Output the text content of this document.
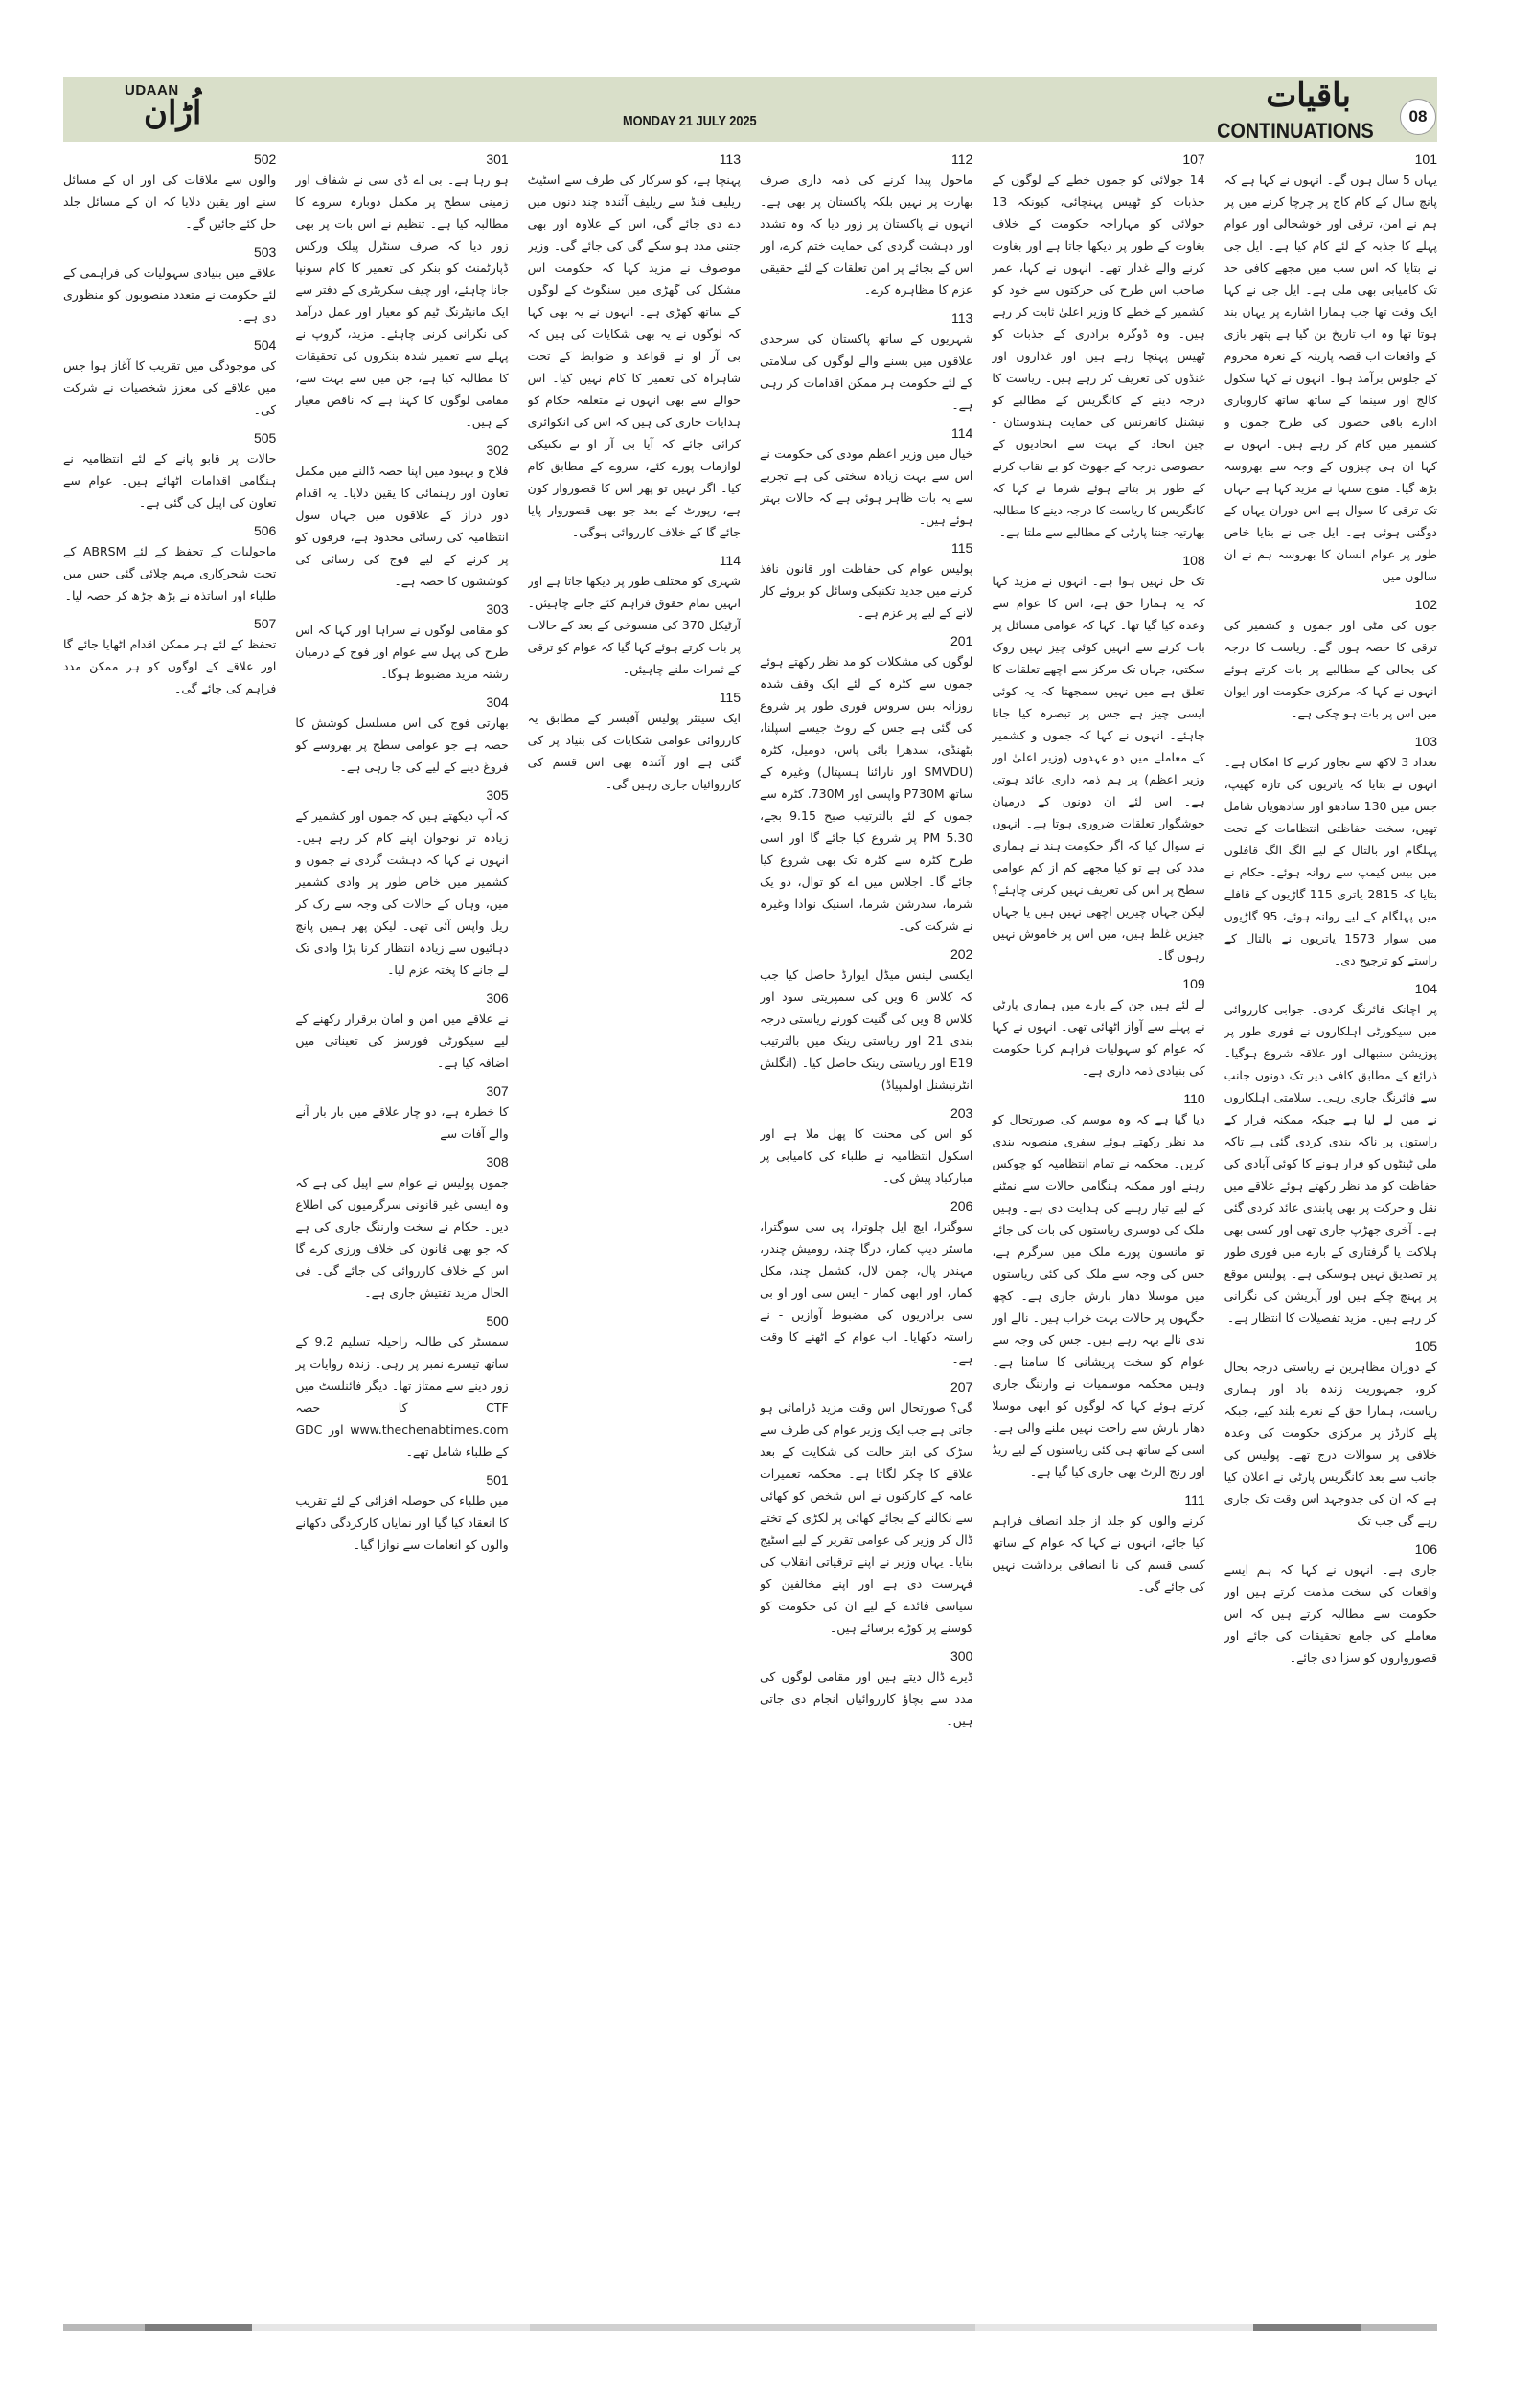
UDAAN
اُڑان	MONDAY 21 JULY 2025
باقیات
CONTINUATIONS
08
101
یہاں 5 سال ہوں گے۔ انہوں نے کہا ہے کہ پانچ سال کے کام کاج پر چرچا کرنے میں پر ہم نے امن، ترقی اور خوشحالی اور عوام پہلے کا جذبہ کے لئے کام کیا ہے۔ ایل جی نے بتایا کہ اس سب میں مجھے کافی حد تک کامیابی بھی ملی ہے۔ ایل جی نے کہا ایک وقت تھا جب ہمارا اشارے پر یہاں بند ہوتا تھا وہ اب تاریخ بن گیا ہے پتھر بازی کے واقعات اب قصہ پارینہ کے نعرہ محروم کے جلوس برآمد ہوا۔ انہوں نے کہا سکول کالج اور سینما کے ساتھ ساتھ کاروباری ادارے باقی حصوں کی طرح جموں و کشمیر میں کام کر رہے ہیں۔ انہوں نے کہا ان ہی چیزوں کے وجہ سے بھروسہ بڑھ گیا۔ منوج سنہا نے مزید کہا ہے جہاں تک ترقی کا سوال ہے اس دوران یہاں کے دوگنی ہوئی ہے۔ ایل جی نے بتایا خاص طور پر عوام انسان کا بھروسہ ہم نے ان سالوں میں
102
جوں کی مٹی اور جموں و کشمیر کی ترقی کا حصہ ہوں گے۔ ریاست کا درجہ کی بحالی کے مطالبے پر بات کرتے ہوئے انہوں نے کہا کہ مرکزی حکومت اور ایوان میں اس پر بات ہو چکی ہے۔
103
تعداد 3 لاکھ سے تجاوز کرنے کا امکان ہے۔ انہوں نے بتایا کہ یاتریوں کی تازہ کھیپ، جس میں 130 سادھو اور سادھویاں شامل تھیں، سخت حفاظتی انتظامات کے تحت پہلگام اور بالتال کے لیے الگ الگ قافلوں میں بیس کیمپ سے روانہ ہوئے۔ حکام نے بتایا کہ 2815 یاتری 115 گاڑیوں کے قافلے میں پہلگام کے لیے روانہ ہوئے، 95 گاڑیوں میں سوار 1573 یاتریوں نے بالتال کے راستے کو ترجیح دی۔
104
پر اچانک فائرنگ کردی۔ جوابی کارروائی میں سیکورٹی اہلکاروں نے فوری طور پر پوزیشن سنبھالی اور علاقہ شروع ہوگیا۔ ذرائع کے مطابق کافی دیر تک دونوں جانب سے فائرنگ جاری رہی۔ سلامتی اہلکاروں نے میں لے لیا ہے جبکہ ممکنہ فرار کے راستوں پر ناکہ بندی کردی گئی ہے تاکہ ملی ٹینٹوں کو فرار ہونے کا کوئی آبادی کی حفاظت کو مد نظر رکھتے ہوئے علاقے میں نقل و حرکت پر بھی پابندی عائد کردی گئی ہے۔ آخری جھڑپ جاری تھی اور کسی بھی ہلاکت یا گرفتاری کے بارے میں فوری طور پر تصدیق نہیں ہوسکی ہے۔ پولیس موقع پر پہنچ چکے ہیں اور آپریشن کی نگرانی کر رہے ہیں۔ مزید تفصیلات کا انتظار ہے۔
105
کے دوران مظاہرین نے ریاستی درجہ بحال کرو، جمہوریت زندہ باد اور ہماری ریاست، ہمارا حق کے نعرے بلند کیے، جبکہ پلے کارڈز پر مرکزی حکومت کی وعدہ خلافی پر سوالات درج تھے۔ پولیس کی جانب سے بعد کانگریس پارٹی نے اعلان کیا ہے کہ ان کی جدوجہد اس وقت تک جاری رہے گی جب تک
106
جاری ہے۔ انہوں نے کہا کہ ہم ایسے واقعات کی سخت مذمت کرتے ہیں اور حکومت سے مطالبہ کرتے ہیں کہ اس معاملے کی جامع تحقیقات کی جائے اور قصورواروں کو سزا دی جائے۔
107
14 جولائی کو جموں خطے کے لوگوں کے جذبات کو ٹھیس پہنچائی، کیونکہ 13 جولائی کو مہاراجہ حکومت کے خلاف بغاوت کے طور پر دیکھا جاتا ہے اور بغاوت کرنے والے غدار تھے۔ انہوں نے کہا، عمر صاحب اس طرح کی حرکتوں سے خود کو کشمیر کے خطے کا وزیر اعلیٰ ثابت کر رہے ہیں۔ وہ ڈوگرہ برادری کے جذبات کو ٹھیس پہنچا رہے ہیں اور غداروں اور غنڈوں کی تعریف کر رہے ہیں۔ ریاست کا درجہ دینے کے کانگریس کے مطالبے کو نیشنل کانفرنس کی حمایت ہندوستان - چین اتحاد کے بہت سے اتحادیوں کے خصوصی درجہ کے جھوٹ کو بے نقاب کرنے کے طور پر بتاتے ہوئے شرما نے کہا کہ کانگریس کا ریاست کا درجہ دینے کا مطالبہ بھارتیہ جنتا پارٹی کے مطالبے سے ملتا ہے۔
108
تک حل نہیں ہوا ہے۔ انہوں نے مزید کہا کہ یہ ہمارا حق ہے، اس کا عوام سے وعدہ کیا گیا تھا۔ کہا کہ عوامی مسائل پر بات کرنے سے انہیں کوئی چیز نہیں روک سکتی، جہاں تک مرکز سے اچھے تعلقات کا تعلق ہے میں نہیں سمجھتا کہ یہ کوئی ایسی چیز ہے جس پر تبصرہ کیا جانا چاہئے۔ انہوں نے کہا کہ جموں و کشمیر کے معاملے میں دو عہدوں (وزیر اعلیٰ اور وزیر اعظم) پر ہم ذمہ داری عائد ہوتی ہے۔ اس لئے ان دونوں کے درمیان خوشگوار تعلقات ضروری ہوتا ہے۔ انہوں نے سوال کیا کہ اگر حکومت ہند نے ہماری مدد کی ہے تو کیا مجھے کم از کم عوامی سطح پر اس کی تعریف نہیں کرنی چاہئے؟ لیکن جہاں چیزیں اچھی نہیں ہیں یا جہاں چیزیں غلط ہیں، میں اس پر خاموش نہیں رہوں گا۔
109
لے لئے ہیں جن کے بارے میں ہماری پارٹی نے پہلے سے آواز اٹھائی تھی۔ انہوں نے کہا کہ عوام کو سہولیات فراہم کرنا حکومت کی بنیادی ذمہ داری ہے۔
110
دیا گیا ہے کہ وہ موسم کی صورتحال کو مد نظر رکھتے ہوئے سفری منصوبہ بندی کریں۔ محکمہ نے تمام انتظامیہ کو چوکس رہنے اور ممکنہ ہنگامی حالات سے نمٹنے کے لیے تیار رہنے کی ہدایت دی ہے۔ وہیں ملک کی دوسری ریاستوں کی بات کی جائے تو مانسون پورے ملک میں سرگرم ہے، جس کی وجہ سے ملک کی کئی ریاستوں میں موسلا دھار بارش جاری ہے۔ کچھ جگہوں پر حالات بہت خراب ہیں۔ نالے اور ندی نالے بہہ رہے ہیں۔ جس کی وجہ سے عوام کو سخت پریشانی کا سامنا ہے۔ وہیں محکمہ موسمیات نے وارننگ جاری کرتے ہوئے کہا کہ لوگوں کو ابھی موسلا دھار بارش سے راحت نہیں ملنے والی ہے۔ اسی کے ساتھ ہی کئی ریاستوں کے لیے ریڈ اور رنج الرٹ بھی جاری کیا گیا ہے۔
111
کرنے والوں کو جلد از جلد انصاف فراہم کیا جائے، انہوں نے کہا کہ عوام کے ساتھ کسی قسم کی نا انصافی برداشت نہیں کی جائے گی۔
112
ماحول پیدا کرنے کی ذمہ داری صرف بھارت پر نہیں بلکہ پاکستان پر بھی ہے۔ انہوں نے پاکستان پر زور دیا کہ وہ تشدد اور دہشت گردی کی حمایت ختم کرے، اور اس کے بجائے پر امن تعلقات کے لئے حقیقی عزم کا مظاہرہ کرے۔
113
شہریوں کے ساتھ پاکستان کی سرحدی علاقوں میں بسنے والے لوگوں کی سلامتی کے لئے حکومت ہر ممکن اقدامات کر رہی ہے۔
114
خیال میں وزیر اعظم مودی کی حکومت نے اس سے بہت زیادہ سختی کی ہے تجربے سے یہ بات ظاہر ہوئی ہے کہ حالات بہتر ہوئے ہیں۔
115
پولیس عوام کی حفاظت اور قانون نافذ کرنے میں جدید تکنیکی وسائل کو بروئے کار لانے کے لیے پر عزم ہے۔
201
لوگوں کی مشکلات کو مد نظر رکھتے ہوئے جموں سے کٹرہ کے لئے ایک وقف شدہ روزانہ بس سروس فوری طور پر شروع کی گئی ہے جس کے روٹ جیسے اسپلنا، بٹھنڈی، سدھرا بائی پاس، دومیل، کٹرہ (SMVDU اور نارائنا ہسپتال) وغیرہ کے ساتھ P730M واپسی اور 730M. کٹرہ سے جموں کے لئے بالترتیب صبح 9.15 بجے، 5.30 PM پر شروع کیا جائے گا اور اسی طرح کٹرہ سے کٹرہ تک بھی شروع کیا جائے گا۔ اجلاس میں اے کو توال، دو یک شرما، سدرشن شرما، اسنیک نوادا وغیرہ نے شرکت کی۔
202
ایکسی لینس میڈل ایوارڈ حاصل کیا جب کہ کلاس 6 ویں کی سمپریتی سود اور کلاس 8 ویں کی گنیت کورنے ریاستی درجہ بندی 21 اور ریاستی رینک میں بالترتیب E19 اور ریاستی رینک حاصل کیا۔ (انگلش انٹرنیشنل اولمپیاڈ)
203
کو اس کی محنت کا پھل ملا ہے اور اسکول انتظامیہ نے طلباء کی کامیابی پر مبارکباد پیش کی۔
206
سوگترا، ایچ ایل چلوترا، پی سی سوگترا، ماسٹر دیپ کمار، درگا چند، رومیش چندر، مہندر پال، چمن لال، کشمل چند، مکل کمار، اور ابھی کمار - ایس سی اور او بی سی برادریوں کی مضبوط آوازیں - نے راستہ دکھایا۔ اب عوام کے اٹھنے کا وقت ہے۔
207
گی؟ صورتحال اس وقت مزید ڈرامائی ہو جاتی ہے جب ایک وزیر عوام کی طرف سے سڑک کی ابتر حالت کی شکایت کے بعد علاقے کا چکر لگاتا ہے۔ محکمہ تعمیرات عامہ کے کارکنوں نے اس شخص کو کھائی سے نکالنے کے بجائے کھائی پر لکڑی کے تختے ڈال کر وزیر کی عوامی تقریر کے لیے اسٹیج بنایا۔ یہاں وزیر نے اپنے ترقیاتی انقلاب کی فہرست دی ہے اور اپنے مخالفین کو سیاسی فائدے کے لیے ان کی حکومت کو کوسنے پر کوڑے برسائے ہیں۔
300
ڈیرے ڈال دیتے ہیں اور مقامی لوگوں کی مدد سے بچاؤ کارروائیاں انجام دی جاتی ہیں۔
113
پہنچا ہے، کو سرکار کی طرف سے اسٹیٹ ریلیف فنڈ سے ریلیف آئندہ چند دنوں میں دے دی جائے گی، اس کے علاوہ اور بھی جتنی مدد ہو سکے گی کی جائے گی۔ وزیر موصوف نے مزید کہا کہ حکومت اس مشکل کی گھڑی میں سنگوٹ کے لوگوں کے ساتھ کھڑی ہے۔ انہوں نے یہ بھی کہا کہ لوگوں نے یہ بھی شکایات کی ہیں کہ بی آر او نے قواعد و ضوابط کے تحت شاہراہ کی تعمیر کا کام نہیں کیا۔ اس حوالے سے بھی انہوں نے متعلقہ حکام کو ہدایات جاری کی ہیں کہ اس کی انکوائری کرائی جائے کہ آیا بی آر او نے تکنیکی لوازمات پورے کئے، سروے کے مطابق کام کیا۔ اگر نہیں تو پھر اس کا قصوروار کون ہے، رپورٹ کے بعد جو بھی قصوروار پایا جائے گا کے خلاف کارروائی ہوگی۔
114
شہری کو مختلف طور پر دیکھا جاتا ہے اور انہیں تمام حقوق فراہم کئے جانے چاہیئں۔ آرٹیکل 370 کی منسوخی کے بعد کے حالات پر بات کرتے ہوئے کہا گیا کہ عوام کو ترقی کے ثمرات ملنے چاہیئں۔
115
ایک سینئر پولیس آفیسر کے مطابق یہ کارروائی عوامی شکایات کی بنیاد پر کی گئی ہے اور آئندہ بھی اس قسم کی کارروائیاں جاری رہیں گی۔
301
ہو رہا ہے۔ بی اے ڈی سی نے شفاف اور زمینی سطح پر مکمل دوبارہ سروے کا مطالبہ کیا ہے۔ تنظیم نے اس بات پر بھی زور دیا کہ صرف سنٹرل پبلک ورکس ڈپارٹمنٹ کو بنکر کی تعمیر کا کام سونپا جانا چاہئے، اور چیف سکریٹری کے دفتر سے ایک مانیٹرنگ ٹیم کو معیار اور عمل درآمد کی نگرانی کرنی چاہئے۔ مزید، گروپ نے پہلے سے تعمیر شدہ بنکروں کی تحقیقات کا مطالبہ کیا ہے، جن میں سے بہت سے، مقامی لوگوں کا کہنا ہے کہ ناقص معیار کے ہیں۔
302
فلاح و بہبود میں اپنا حصہ ڈالنے میں مکمل تعاون اور رہنمائی کا یقین دلایا۔ یہ اقدام دور دراز کے علاقوں میں جہاں سول انتظامیہ کی رسائی محدود ہے، فرقوں کو پر کرنے کے لیے فوج کی رسائی کی کوششوں کا حصہ ہے۔
303
کو مقامی لوگوں نے سراہا اور کہا کہ اس طرح کی پہل سے عوام اور فوج کے درمیان رشتہ مزید مضبوط ہوگا۔
304
بھارتی فوج کی اس مسلسل کوشش کا حصہ ہے جو عوامی سطح پر بھروسے کو فروغ دینے کے لیے کی جا رہی ہے۔
305
کہ آپ دیکھتے ہیں کہ جموں اور کشمیر کے زیادہ تر نوجوان اپنے کام کر رہے ہیں۔ انہوں نے کہا کہ دہشت گردی نے جموں و کشمیر میں خاص طور پر وادی کشمیر میں، وہاں کے حالات کی وجہ سے رک کر ریل واپس آئی تھی۔ لیکن پھر ہمیں پانچ دہائیوں سے زیادہ انتظار کرنا پڑا وادی تک لے جانے کا پختہ عزم لیا۔
306
نے علاقے میں امن و امان برقرار رکھنے کے لیے سیکورٹی فورسز کی تعیناتی میں اضافہ کیا ہے۔
307
کا خطرہ ہے، دو چار علاقے میں بار بار آنے والے آفات سے
308
جموں پولیس نے عوام سے اپیل کی ہے کہ وہ ایسی غیر قانونی سرگرمیوں کی اطلاع دیں۔ حکام نے سخت وارننگ جاری کی ہے کہ جو بھی قانون کی خلاف ورزی کرے گا اس کے خلاف کارروائی کی جائے گی۔ فی الحال مزید تفتیش جاری ہے۔
500
سمسٹر کی طالبہ راحیلہ تسلیم 9.2 کے ساتھ تیسرے نمبر پر رہی۔ زندہ روایات پر زور دینے سے ممتاز تھا۔ دیگر فائنلسٹ میں CTF کا حصہ www.thechenabtimes.com اور GDC کے طلباء شامل تھے۔
501
میں طلباء کی حوصلہ افزائی کے لئے تقریب کا انعقاد کیا گیا اور نمایاں کارکردگی دکھانے والوں کو انعامات سے نوازا گیا۔
502
والوں سے ملاقات کی اور ان کے مسائل سنے اور یقین دلایا کہ ان کے مسائل جلد حل کئے جائیں گے۔
503
علاقے میں بنیادی سہولیات کی فراہمی کے لئے حکومت نے متعدد منصوبوں کو منظوری دی ہے۔
504
کی موجودگی میں تقریب کا آغاز ہوا جس میں علاقے کی معزز شخصیات نے شرکت کی۔
505
حالات پر قابو پانے کے لئے انتظامیہ نے ہنگامی اقدامات اٹھائے ہیں۔ عوام سے تعاون کی اپیل کی گئی ہے۔
506
ماحولیات کے تحفظ کے لئے ABRSM کے تحت شجرکاری مہم چلائی گئی جس میں طلباء اور اساتذہ نے بڑھ چڑھ کر حصہ لیا۔
507
تحفظ کے لئے ہر ممکن اقدام اٹھایا جائے گا اور علاقے کے لوگوں کو ہر ممکن مدد فراہم کی جائے گی۔
